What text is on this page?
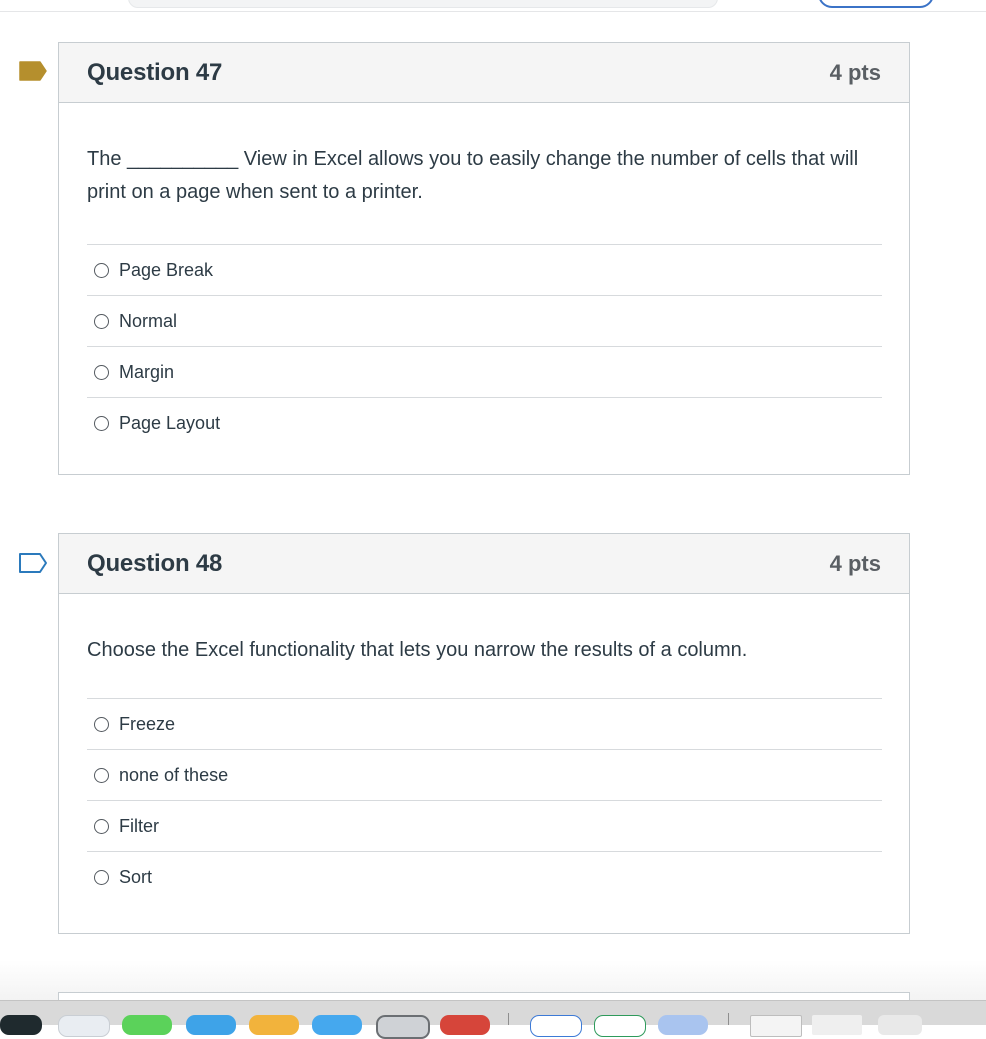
Question 47	4 pts
The __________ View in Excel allows you to easily change the number of cells that will print on a page when sent to a printer.
Page Break
Normal
Margin
Page Layout
Question 48	4 pts
Choose the Excel functionality that lets you narrow the results of a column.
Freeze
none of these
Filter
Sort
